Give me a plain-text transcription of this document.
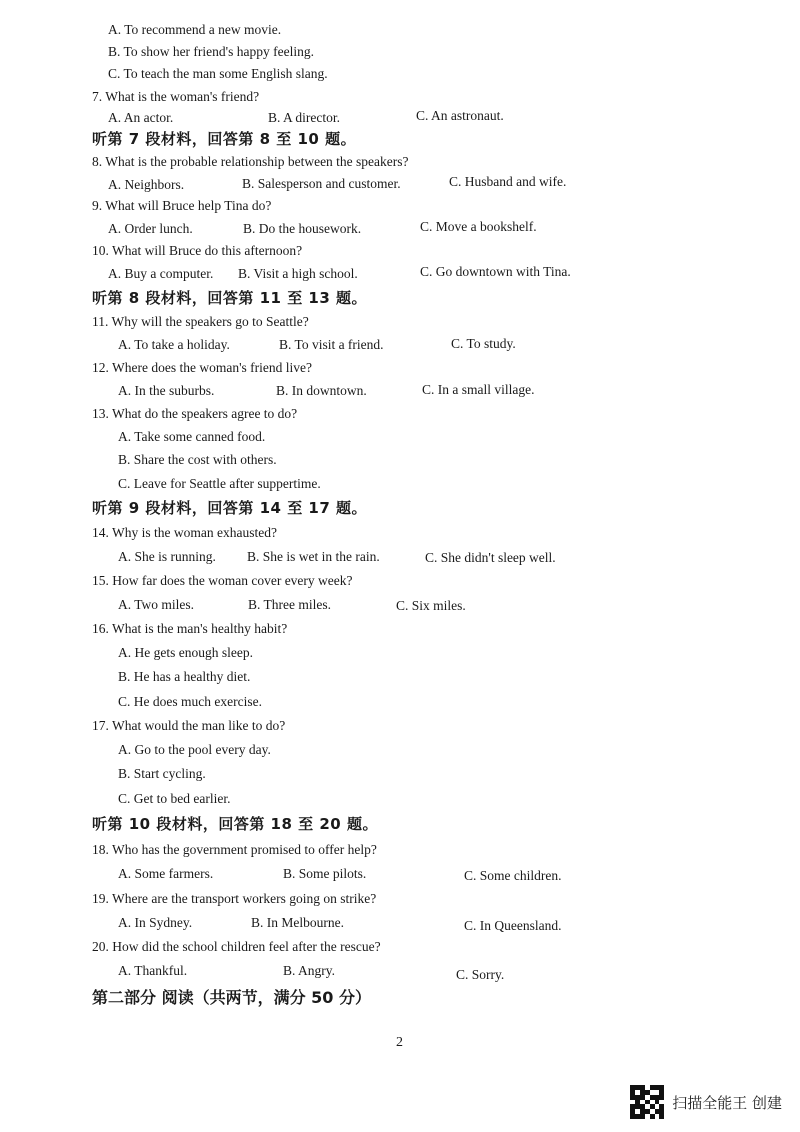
A. To recommend a new movie.
B. To show her friend's happy feeling.
C. To teach the man some English slang.
7. What is the woman's friend?
A. An actor.	B. A director.	C. An astronaut.
听第 7 段材料，回答第 8 至 10 题。
8. What is the probable relationship between the speakers?
A. Neighbors.	B. Salesperson and customer.	C. Husband and wife.
9. What will Bruce help Tina do?
A. Order lunch.	B. Do the housework.	C. Move a bookshelf.
10. What will Bruce do this afternoon?
A. Buy a computer. B. Visit a high school.	C. Go downtown with Tina.
听第 8 段材料，回答第 11 至 13 题。
11. Why will the speakers go to Seattle?
A. To take a holiday.	B. To visit a friend.	C. To study.
12. Where does the woman's friend live?
A. In the suburbs.	B. In downtown.	C. In a small village.
13. What do the speakers agree to do?
A. Take some canned food.
B. Share the cost with others.
C. Leave for Seattle after suppertime.
听第 9 段材料，回答第 14 至 17 题。
14. Why is the woman exhausted?
A. She is running. B. She is wet in the rain.	C. She didn't sleep well.
15. How far does the woman cover every week?
A. Two miles.	B. Three miles.	C. Six miles.
16. What is the man's healthy habit?
A. He gets enough sleep.
B. He has a healthy diet.
C. He does much exercise.
17. What would the man like to do?
A. Go to the pool every day.
B. Start cycling.
C. Get to bed earlier.
听第 10 段材料，回答第 18 至 20 题。
18. Who has the government promised to offer help?
A. Some farmers.	B. Some pilots.	C. Some children.
19. Where are the transport workers going on strike?
A. In Sydney.	B. In Melbourne.	C. In Queensland.
20. How did the school children feel after the rescue?
A. Thankful.	B. Angry.	C. Sorry.
第二部分 阅读（共两节，满分 50 分）
2
扫描全能王 创建
